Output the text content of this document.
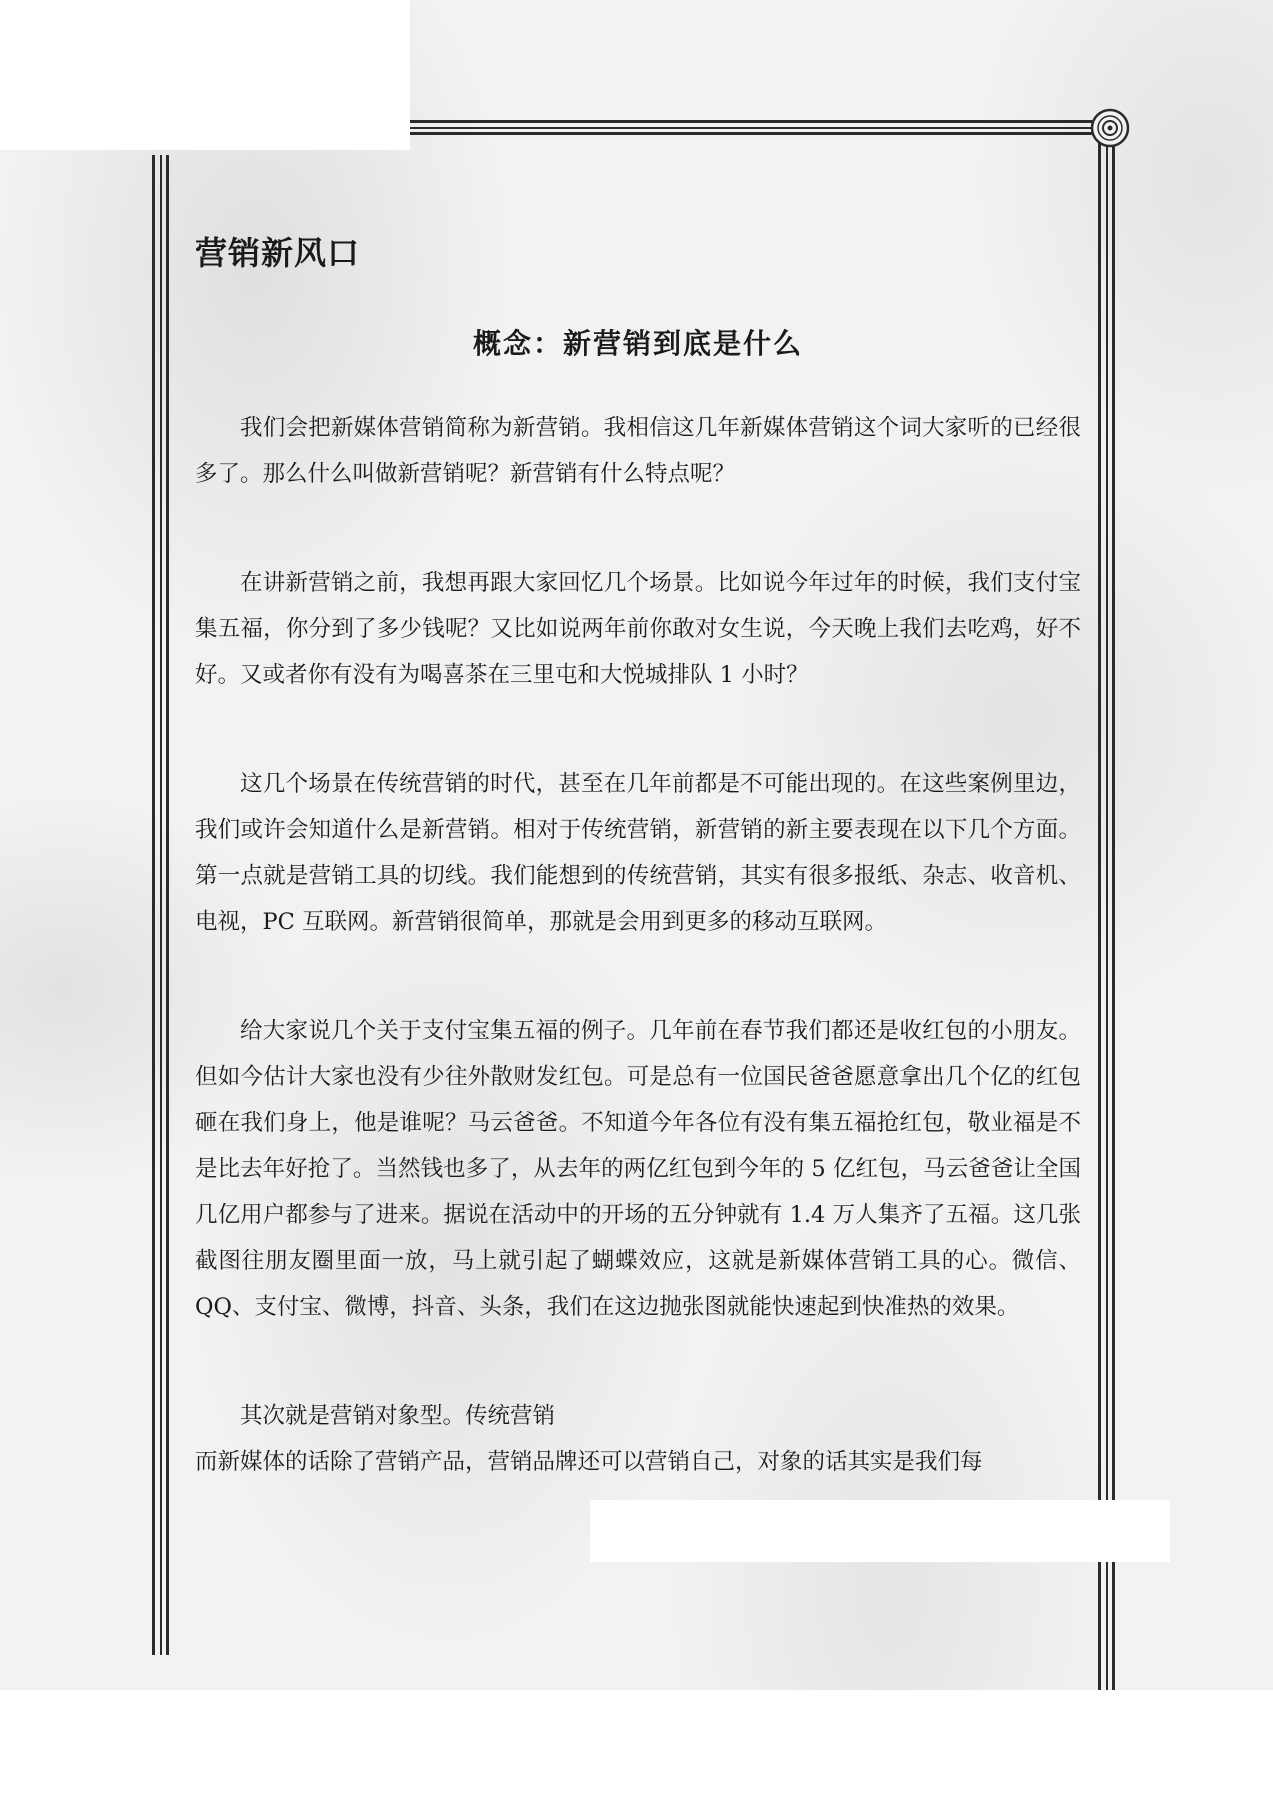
营销新风口
概念：新营销到底是什么

我们会把新媒体营销简称为新营销。我相信这几年新媒体营销这个词大家听的已经很多了。那么什么叫做新营销呢？新营销有什么特点呢？

在讲新营销之前，我想再跟大家回忆几个场景。比如说今年过年的时候，我们支付宝集五福，你分到了多少钱呢？又比如说两年前你敢对女生说，今天晚上我们去吃鸡，好不好。又或者你有没有为喝喜茶在三里屯和大悦城排队 1 小时？

这几个场景在传统营销的时代，甚至在几年前都是不可能出现的。在这些案例里边，我们或许会知道什么是新营销。相对于传统营销，新营销的新主要表现在以下几个方面。第一点就是营销工具的切线。我们能想到的传统营销，其实有很多报纸、杂志、收音机、电视，PC 互联网。新营销很简单，那就是会用到更多的移动互联网。

给大家说几个关于支付宝集五福的例子。几年前在春节我们都还是收红包的小朋友。但如今估计大家也没有少往外散财发红包。可是总有一位国民爸爸愿意拿出几个亿的红包砸在我们身上，他是谁呢？马云爸爸。不知道今年各位有没有集五福抢红包，敬业福是不是比去年好抢了。当然钱也多了，从去年的两亿红包到今年的 5 亿红包，马云爸爸让全国几亿用户都参与了进来。据说在活动中的开场的五分钟就有 1.4 万人集齐了五福。这几张截图往朋友圈里面一放，马上就引起了蝴蝶效应，这就是新媒体营销工具的心。微信、QQ、支付宝、微博，抖音、头条，我们在这边抛张图就能快速起到快准热的效果。

其次就是营销对象型。传统营销

而新媒体的话除了营销产品，营销品牌还可以营销自己，对象的话其实是我们每
